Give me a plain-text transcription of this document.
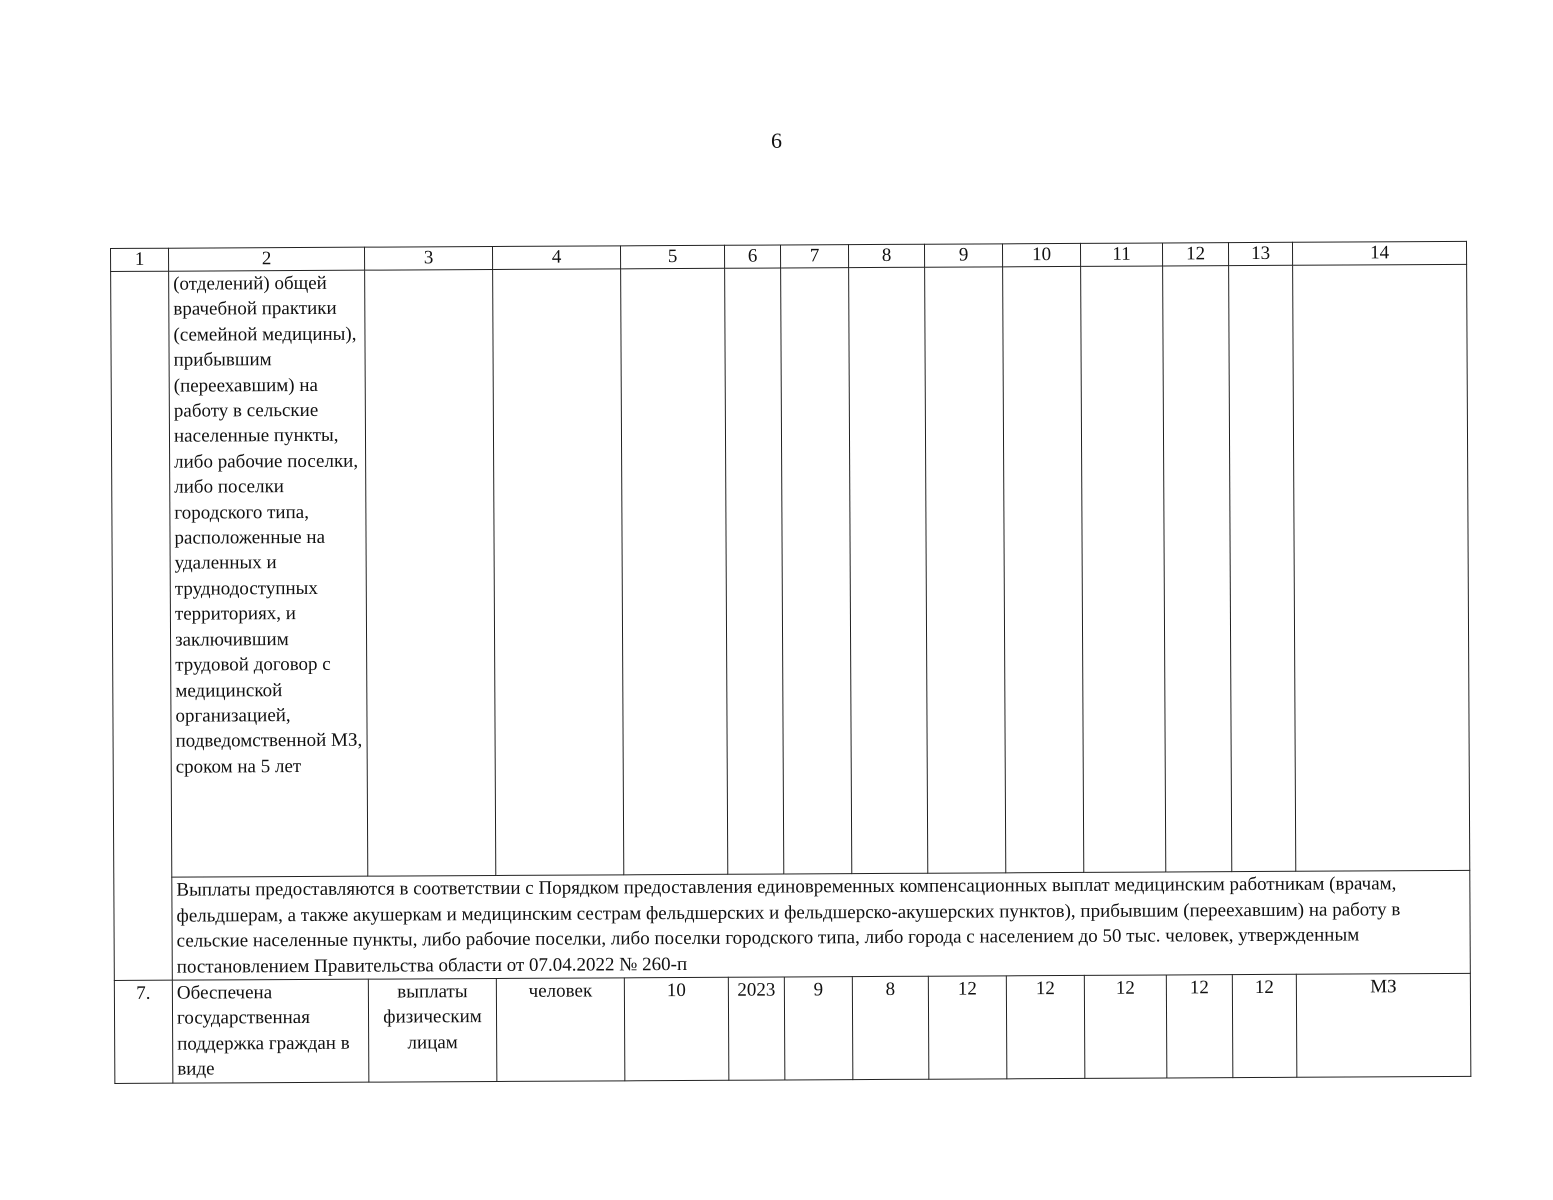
6
1	2	3	4	5	6	7	8	9	10	11	12	13	14
	(отделений) общей врачебной практики (семейной медицины), прибывшим (переехавшим) на работу в сельские населенные пункты, либо рабочие поселки, либо поселки городского типа, расположенные на удаленных и труднодоступных территориях, и заключившим трудовой договор с медицинской организацией, подведомственной МЗ, сроком на 5 лет												
	Выплаты предоставляются в соответствии с Порядком предоставления единовременных компенсационных выплат медицинским работникам (врачам, фельдшерам, а также акушеркам и медицинским сестрам фельдшерских и фельдшерско-акушерских пунктов), прибывшим (переехавшим) на работу в сельские населенные пункты, либо рабочие поселки, либо поселки городского типа, либо города с населением до 50 тыс. человек, утвержденным постановлением Правительства области от 07.04.2022 № 260-п												
7.	Обеспечена государственная поддержка граждан в виде	выплаты физическим лицам	человек	10	2023	9	8	12	12	12	12	12	МЗ
